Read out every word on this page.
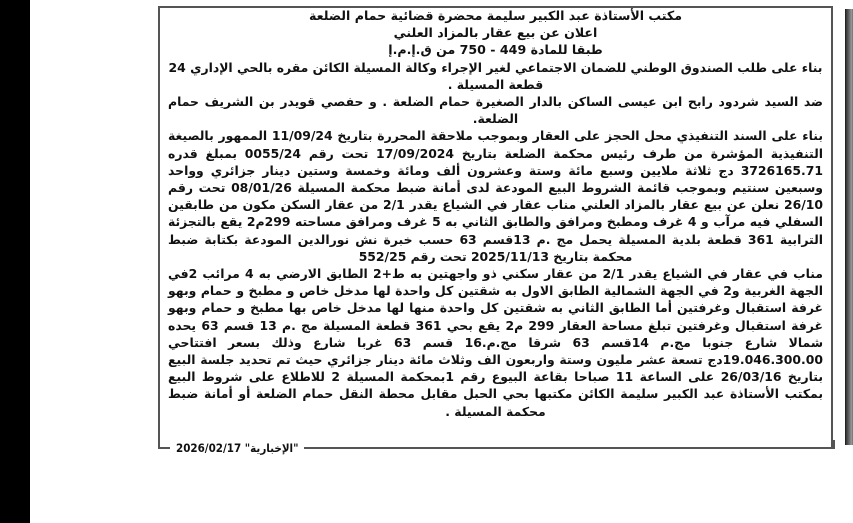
مكتب الأستاذة عبد الكبير سليمة محضرة قضائية حمام الضلعة

اعلان عن بيع عقار بالمزاد العلني

طبقا للمادة 449 - 750 من ق.إ.م.إ

بناء على طلب الصندوق الوطني للضمان الاجتماعي لغير الإجراء وكالة المسيلة الكائن مقره بالحي الإداري 24 قطعة المسيلة .

ضد السيد شردود رابح ابن عيسى الساكن بالدار الصغيرة حمام الضلعة . و حفصي قويدر بن الشريف حمام الضلعة.

بناء على السند التنفيذي محل الحجز على العقار وبموجب ملاحقة المحررة بتاريخ 11/09/24 الممهور بالصيغة التنفيذية المؤشرة من طرف رئيس محكمة الضلعة بتاريخ 17/09/2024 تحت رقم 0055/24 بمبلغ قدره 3726165.71 دج ثلاثة ملايين وسبع مائة وستة وعشرون ألف ومائة وخمسة وستين دينار جزائري وواحد وسبعين سنتيم وبموجب قائمة الشروط البيع المودعة لدى أمانة ضبط محكمة المسيلة 08/01/26 تحت رقم 26/10 نعلن عن بيع عقار بالمزاد العلني مناب عقار في الشياع يقدر 2/1 من عقار السكن مكون من طابقين السفلي فيه مرآب و 4 غرف ومطبخ ومرافق والطابق الثاني به 5 غرف ومرافق مساحته 299م2 يقع بالتجزئة الترابية 361 قطعة بلدية المسيلة يحمل مج .م 13قسم 63 حسب خبرة نش نورالدين المودعة بكتابة ضبط محكمة بتاريخ 2025/11/13 تحت رقم 552/25

مناب في عقار في الشياع يقدر 2/1 من عقار سكني ذو واجهتين به ط+2 الطابق الارضي به 4 مرائب 2في الجهة الغربية و2 في الجهة الشمالية الطابق الاول به شقتين كل واحدة لها مدخل خاص و مطبخ و حمام وبهو غرفة استقبال وغرفتين أما الطابق الثاني به شقتين كل واحدة منها لها مدخل خاص بها مطبخ و حمام وبهو غرفة استقبال وغرفتين تبلغ مساحة العقار 299 م2 يقع بحي 361 قطعة المسيلة مج .م 13 قسم 63 يحده شمالا شارع جنوبا مج.م 14قسم 63 شرقا مج.م.16 قسم 63 غربا شارع وذلك بسعر افتتاحي 19.046.300.00دج تسعة عشر مليون وستة واربعون الف وثلاث مائة دينار جزائري حيث تم تحديد جلسة البيع بتاريخ 26/03/16 على الساعة 11 صباحا بقاعة البيوع رقم 1بمحكمة المسيلة 2 للاطلاع على شروط البيع بمكتب الأستاذة عبد الكبير سليمة الكائن مكتبها بحي الحبل مقابل محطة النقل حمام الضلعة أو أمانة ضبط محكمة المسيلة .

2026/02/17 "الإخبارية"
